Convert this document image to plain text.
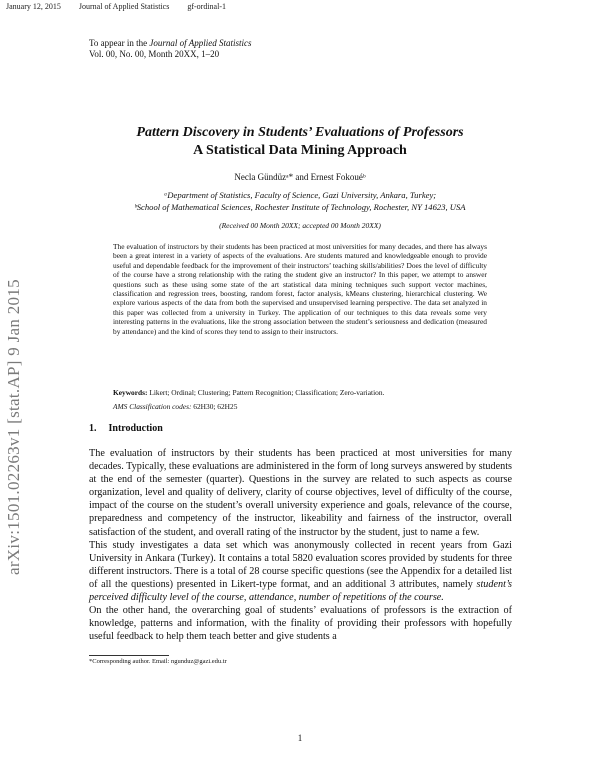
January 12, 2015 Journal of Applied Statistics gf-ordinal-1
arXiv:1501.02263v1 [stat.AP] 9 Jan 2015
To appear in the Journal of Applied Statistics
Vol. 00, No. 00, Month 20XX, 1–20
Pattern Discovery in Students’ Evaluations of Professors
A Statistical Data Mining Approach
Necla Gündüzᵃ* and Ernest Fokouéᵇ
ᵃDepartment of Statistics, Faculty of Science, Gazi University, Ankara, Turkey;
ᵇSchool of Mathematical Sciences, Rochester Institute of Technology, Rochester, NY 14623, USA
(Received 00 Month 20XX; accepted 00 Month 20XX)
The evaluation of instructors by their students has been practiced at most universities for many decades, and there has always been a great interest in a variety of aspects of the evaluations. Are students matured and knowledgeable enough to provide useful and dependable feedback for the improvement of their instructors’ teaching skills/abilities? Does the level of difficulty of the course have a strong relationship with the rating the student give an instructor? In this paper, we attempt to answer questions such as these using some state of the art statistical data mining techniques such support vector machines, classification and regression trees, boosting, random forest, factor analysis, kMeans clustering, hierarchical clustering. We explore various aspects of the data from both the supervised and unsupervised learning perspective. The data set analyzed in this paper was collected from a university in Turkey. The application of our techniques to this data reveals some very interesting patterns in the evaluations, like the strong association between the student’s seriousness and dedication (measured by attendance) and the kind of scores they tend to assign to their instructors.
Keywords: Likert; Ordinal; Clustering; Pattern Recognition; Classification; Zero-variation.
AMS Classification codes: 62H30; 62H25
1. Introduction

The evaluation of instructors by their students has been practiced at most universities for many decades. Typically, these evaluations are administered in the form of long surveys answered by students at the end of the semester (quarter). Questions in the survey are related to such aspects as course organization, level and quality of delivery, clarity of course objectives, level of difficulty of the course, impact of the course on the student’s overall university experience and goals, relevance of the course, preparedness and competency of the instructor, likeability and fairness of the instructor, overall satisfaction of the student, and overall rating of the instructor by the student, just to name a few.

This study investigates a data set which was anonymously collected in recent years from Gazi University in Ankara (Turkey). It contains a total 5820 evaluation scores provided by students for three different instructors. There is a total of 28 course specific questions (see the Appendix for a detailed list of all the questions) presented in Likert-type format, and an additional 3 attributes, namely student’s perceived difficulty level of the course, attendance, number of repetitions of the course.

On the other hand, the overarching goal of students’ evaluations of professors is the extraction of knowledge, patterns and information, with the finality of providing their professors with hopefully useful feedback to help them teach better and give students a

*Corresponding author. Email: ngunduz@gazi.edu.tr
1
